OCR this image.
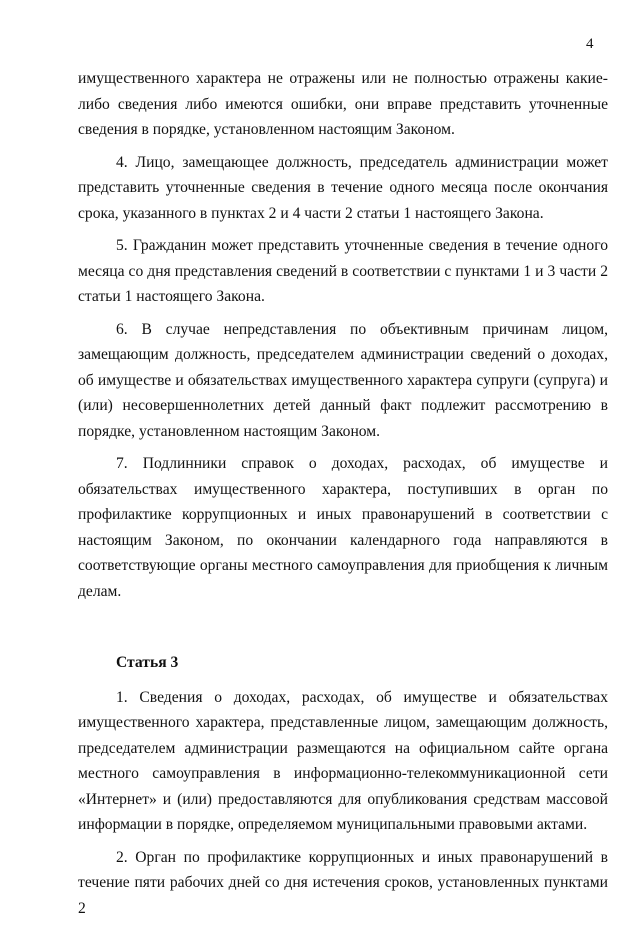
4

имущественного характера не отражены или не полностью отражены какие-либо сведения либо имеются ошибки, они вправе представить уточненные сведения в порядке, установленном настоящим Законом.

4. Лицо, замещающее должность, председатель администрации может представить уточненные сведения в течение одного месяца после окончания срока, указанного в пунктах 2 и 4 части 2 статьи 1 настоящего Закона.

5. Гражданин может представить уточненные сведения в течение одного месяца со дня представления сведений в соответствии с пунктами 1 и 3 части 2 статьи 1 настоящего Закона.

6. В случае непредставления по объективным причинам лицом, замещающим должность, председателем администрации сведений о доходах, об имуществе и обязательствах имущественного характера супруги (супруга) и (или) несовершеннолетних детей данный факт подлежит рассмотрению в порядке, установленном настоящим Законом.

7. Подлинники справок о доходах, расходах, об имуществе и обязательствах имущественного характера, поступивших в орган по профилактике коррупционных и иных правонарушений в соответствии с настоящим Законом, по окончании календарного года направляются в соответствующие органы местного самоуправления для приобщения к личным делам.

Статья 3

1. Сведения о доходах, расходах, об имуществе и обязательствах имущественного характера, представленные лицом, замещающим должность, председателем администрации размещаются на официальном сайте органа местного самоуправления в информационно-телекоммуникационной сети «Интернет» и (или) предоставляются для опубликования средствам массовой информации в порядке, определяемом муниципальными правовыми актами.

2. Орган по профилактике коррупционных и иных правонарушений в течение пяти рабочих дней со дня истечения сроков, установленных пунктами 2
